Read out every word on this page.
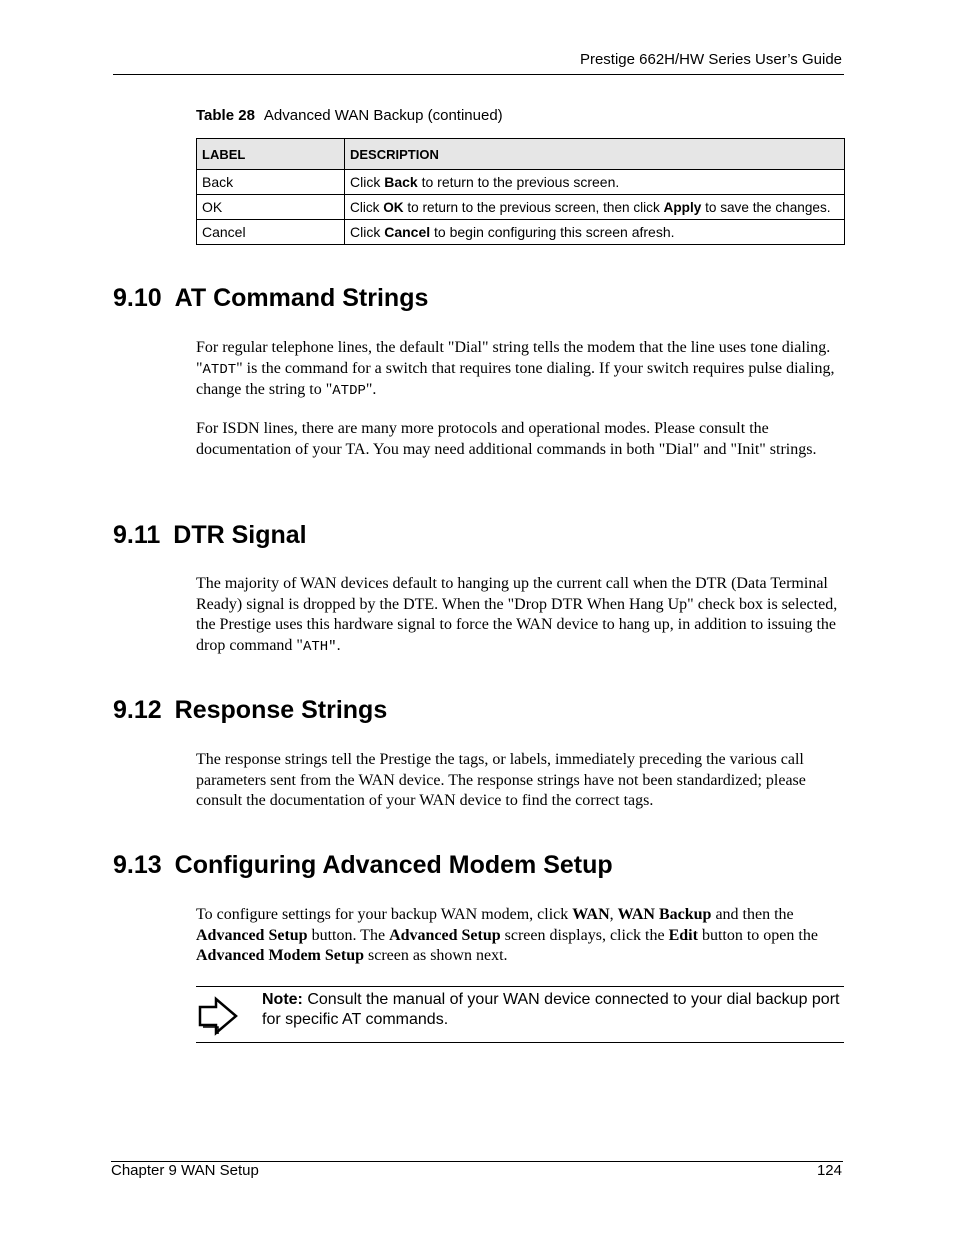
Prestige 662H/HW Series User’s Guide
Table 28 Advanced WAN Backup (continued)
LABEL	DESCRIPTION
Back	Click Back to return to the previous screen.
OK	Click OK to return to the previous screen, then click Apply to save the changes.
Cancel	Click Cancel to begin configuring this screen afresh.
9.10 AT Command Strings
For regular telephone lines, the default "Dial" string tells the modem that the line uses tone dialing. "ATDT" is the command for a switch that requires tone dialing. If your switch requires pulse dialing, change the string to "ATDP".
For ISDN lines, there are many more protocols and operational modes. Please consult the documentation of your TA. You may need additional commands in both "Dial" and "Init" strings.
9.11 DTR Signal
The majority of WAN devices default to hanging up the current call when the DTR (Data Terminal Ready) signal is dropped by the DTE. When the "Drop DTR When Hang Up" check box is selected, the Prestige uses this hardware signal to force the WAN device to hang up, in addition to issuing the drop command "ATH".
9.12 Response Strings
The response strings tell the Prestige the tags, or labels, immediately preceding the various call parameters sent from the WAN device. The response strings have not been standardized; please consult the documentation of your WAN device to find the correct tags.
9.13 Configuring Advanced Modem Setup
To configure settings for your backup WAN modem, click WAN, WAN Backup and then the Advanced Setup button. The Advanced Setup screen displays, click the Edit button to open the Advanced Modem Setup screen as shown next.
Note: Consult the manual of your WAN device connected to your dial backup port for specific AT commands.
Chapter 9 WAN Setup	124
